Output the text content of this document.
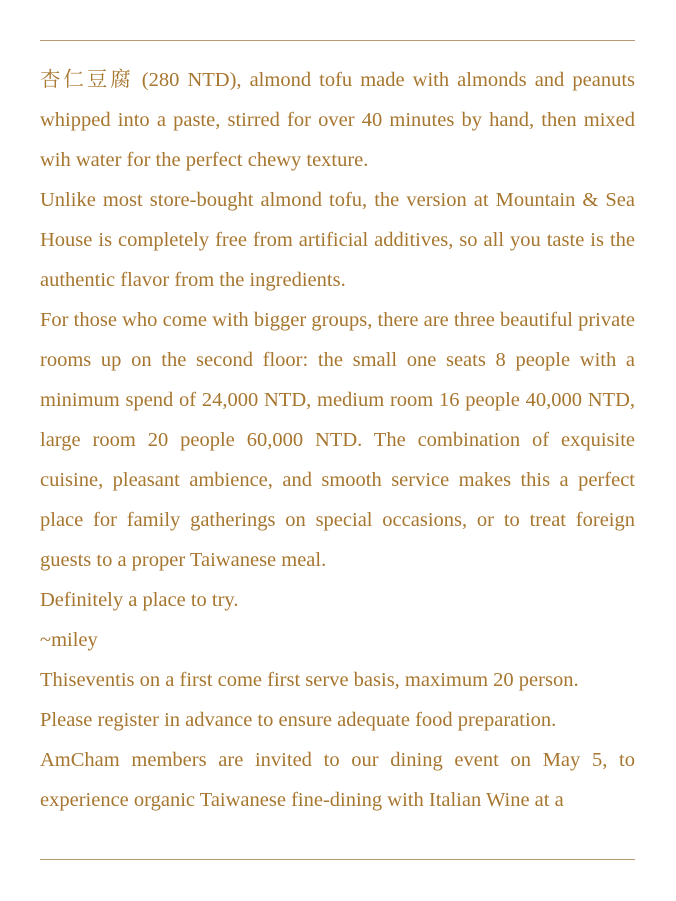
杏仁豆腐 (280 NTD), almond tofu made with almonds and peanuts whipped into a paste, stirred for over 40 minutes by hand, then mixed wih water for the perfect chewy texture.

Unlike most store-bought almond tofu, the version at Mountain & Sea House is completely free from artificial additives, so all you taste is the authentic flavor from the ingredients.

For those who come with bigger groups, there are three beautiful private rooms up on the second floor: the small one seats 8 people with a minimum spend of 24,000 NTD, medium room 16 people 40,000 NTD, large room 20 people 60,000 NTD. The combination of exquisite cuisine, pleasant ambience, and smooth service makes this a perfect place for family gatherings on special occasions, or to treat foreign guests to a proper Taiwanese meal.

Definitely a place to try.

~miley

Thiseventis on a first come first serve basis, maximum 20 person.

Please register in advance to ensure adequate food preparation.

AmCham members are invited to our dining event on May 5, to experience organic Taiwanese fine-dining with Italian Wine at a
